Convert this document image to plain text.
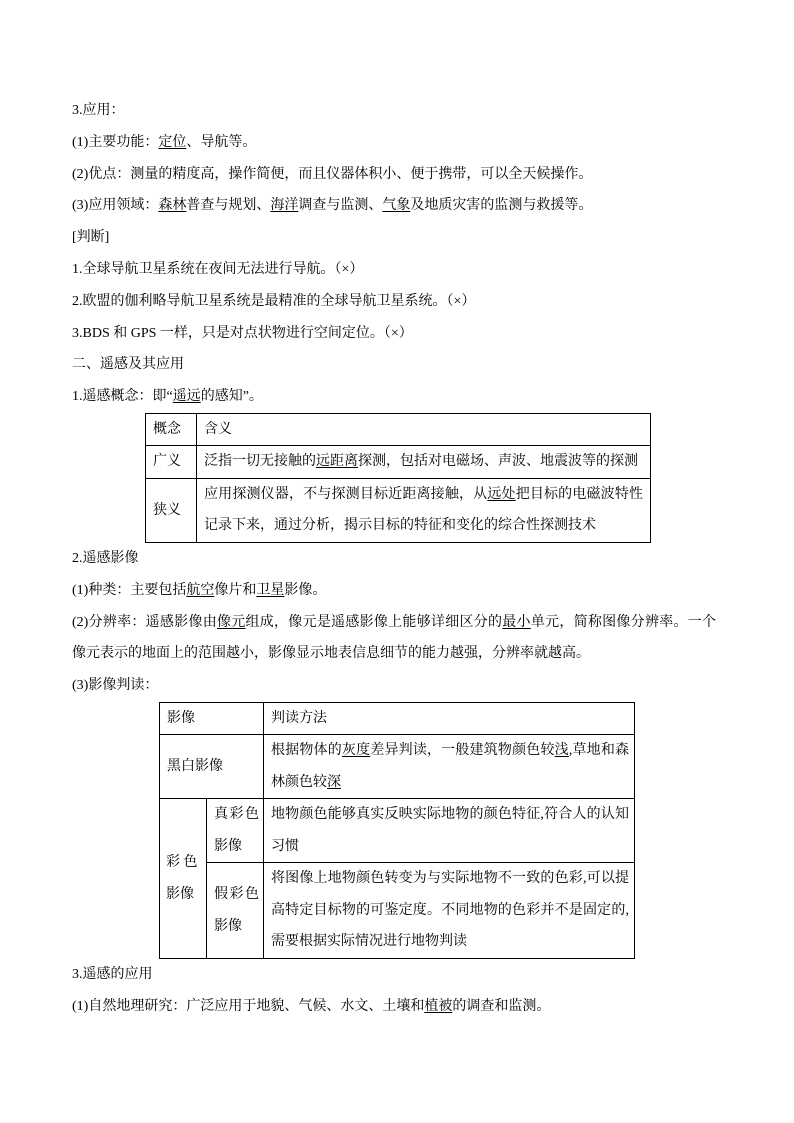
3.应用：

(1)主要功能：定位、导航等。

(2)优点：测量的精度高，操作简便，而且仪器体积小、便于携带，可以全天候操作。

(3)应用领域：森林普查与规划、海洋调查与监测、气象及地质灾害的监测与救援等。

[判断]

1.全球导航卫星系统在夜间无法进行导航。（×）

2.欧盟的伽利略导航卫星系统是最精准的全球导航卫星系统。（×）

3.BDS 和 GPS 一样，只是对点状物进行空间定位。（×）

二、遥感及其应用

1.遥感概念：即“遥远的感知”。

概念	含义
广义	泛指一切无接触的远距离探测，包括对电磁场、声波、地震波等的探测
狭义	应用探测仪器，不与探测目标近距离接触，从远处把目标的电磁波特性记录下来，通过分析，揭示目标的特征和变化的综合性探测技术

2.遥感影像

(1)种类：主要包括航空像片和卫星影像。

(2)分辨率：遥感影像由像元组成，像元是遥感影像上能够详细区分的最小单元，简称图像分辨率。一个像元表示的地面上的范围越小，影像显示地表信息细节的能力越强，分辨率就越高。

(3)影像判读：

影像		判读方法
黑白影像		根据物体的灰度差异判读，一般建筑物颜色较浅,草地和森林颜色较深

彩 色
影像	真彩色影像	地物颜色能够真实反映实际地物的颜色特征,符合人的认知习惯
	假彩色影像	将图像上地物颜色转变为与实际地物不一致的色彩,可以提高特定目标物的可鉴定度。不同地物的色彩并不是固定的,需要根据实际情况进行地物判读

3.遥感的应用

(1)自然地理研究：广泛应用于地貌、气候、水文、土壤和植被的调查和监测。
